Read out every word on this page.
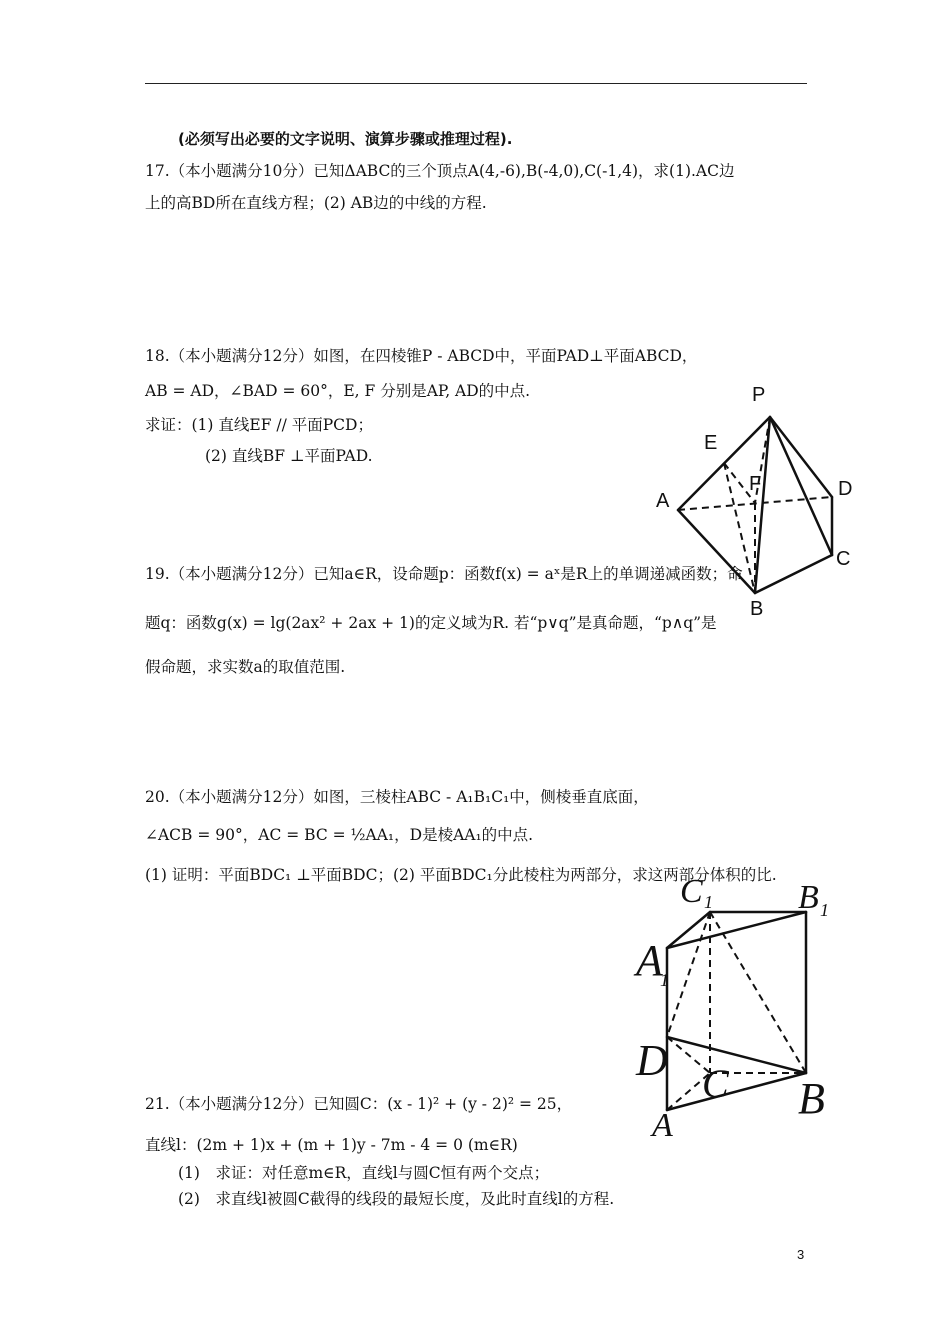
(必须写出必要的文字说明、演算步骤或推理过程).
17.（本小题满分10分）已知ΔABC的三个顶点A(4,-6),B(-4,0),C(-1,4)，求(1).AC边
上的高BD所在直线方程；(2) AB边的中线的方程.
18.（本小题满分12分）如图，在四棱锥P - ABCD中，平面PAD⊥平面ABCD，
AB = AD，∠BAD = 60°，E, F 分别是AP, AD的中点.
求证：(1) 直线EF // 平面PCD；
(2) 直线BF ⊥平面PAD.
P
E
F
A
D
C
B
19.（本小题满分12分）已知a∈R，设命题p：函数f(x) = aˣ是R上的单调递减函数；命
题q：函数g(x) = lg(2ax² + 2ax + 1)的定义域为R. 若“p∨q”是真命题，“p∧q”是
假命题，求实数a的取值范围.
20.（本小题满分12分）如图，三棱柱ABC - A₁B₁C₁中，侧棱垂直底面，
∠ACB = 90°，AC = BC = ½AA₁，D是棱AA₁的中点.
(1) 证明：平面BDC₁ ⊥平面BDC；(2) 平面BDC₁分此棱柱为两部分，求这两部分体积的比.
C 1	B 1
A
1
D C B
A
21.（本小题满分12分）已知圆C：(x - 1)² + (y - 2)² = 25，
直线l：(2m + 1)x + (m + 1)y - 7m - 4 = 0 (m∈R)
(1)　求证：对任意m∈R，直线l与圆C恒有两个交点；
(2)　求直线l被圆C截得的线段的最短长度，及此时直线l的方程.
3
